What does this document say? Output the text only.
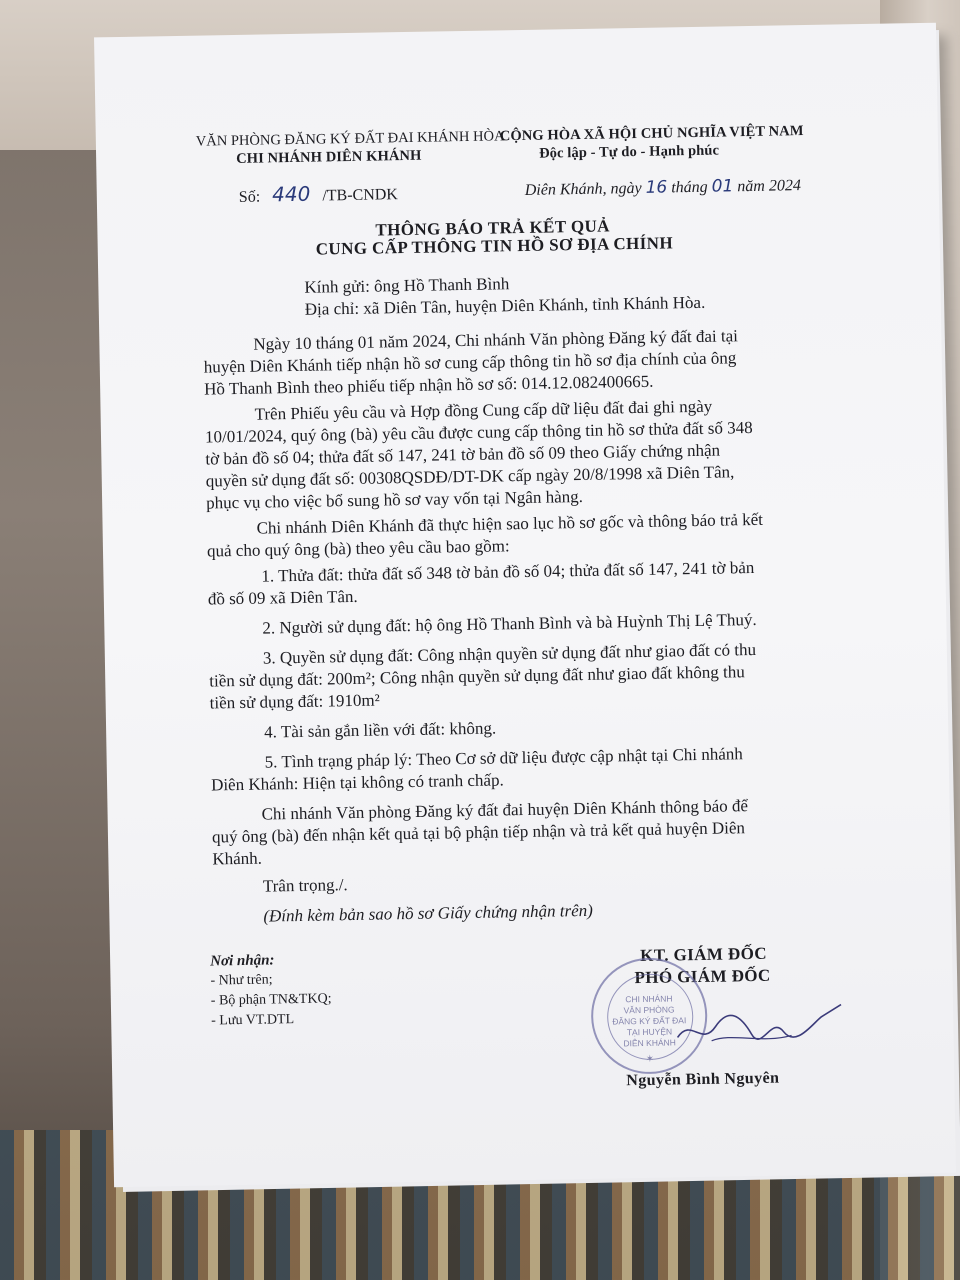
VĂN PHÒNG ĐĂNG KÝ ĐẤT ĐAI KHÁNH HÒA
CHI NHÁNH DIÊN KHÁNH
CỘNG HÒA XÃ HỘI CHỦ NGHĨA VIỆT NAM
Độc lập - Tự do - Hạnh phúc
Số: 440 /TB-CNDK	Diên Khánh, ngày 16 tháng 01 năm 2024
THÔNG BÁO TRẢ KẾT QUẢ
CUNG CẤP THÔNG TIN HỒ SƠ ĐỊA CHÍNH
Kính gửi: ông Hồ Thanh Bình
Địa chỉ: xã Diên Tân, huyện Diên Khánh, tỉnh Khánh Hòa.
Ngày 10 tháng 01 năm 2024, Chi nhánh Văn phòng Đăng ký đất đai tại
huyện Diên Khánh tiếp nhận hồ sơ cung cấp thông tin hồ sơ địa chính của ông
Hồ Thanh Bình theo phiếu tiếp nhận hồ sơ số: 014.12.082400665.
Trên Phiếu yêu cầu và Hợp đồng Cung cấp dữ liệu đất đai ghi ngày
10/01/2024, quý ông (bà) yêu cầu được cung cấp thông tin hồ sơ thửa đất số 348
tờ bản đồ số 04; thửa đất số 147, 241 tờ bản đồ số 09 theo Giấy chứng nhận
quyền sử dụng đất số: 00308QSDĐ/DT-DK cấp ngày 20/8/1998 xã Diên Tân,
phục vụ cho việc bổ sung hồ sơ vay vốn tại Ngân hàng.
Chi nhánh Diên Khánh đã thực hiện sao lục hồ sơ gốc và thông báo trả kết
quả cho quý ông (bà) theo yêu cầu bao gồm:
1. Thửa đất: thửa đất số 348 tờ bản đồ số 04; thửa đất số 147, 241 tờ bản
đồ số 09 xã Diên Tân.
2. Người sử dụng đất: hộ ông Hồ Thanh Bình và bà Huỳnh Thị Lệ Thuý.
3. Quyền sử dụng đất: Công nhận quyền sử dụng đất như giao đất có thu
tiền sử dụng đất: 200m²; Công nhận quyền sử dụng đất như giao đất không thu
tiền sử dụng đất: 1910m²
4. Tài sản gắn liền với đất: không.
5. Tình trạng pháp lý: Theo Cơ sở dữ liệu được cập nhật tại Chi nhánh
Diên Khánh: Hiện tại không có tranh chấp.
Chi nhánh Văn phòng Đăng ký đất đai huyện Diên Khánh thông báo để
quý ông (bà) đến nhận kết quả tại bộ phận tiếp nhận và trả kết quả huyện Diên
Khánh.
Trân trọng./.
(Đính kèm bản sao hồ sơ Giấy chứng nhận trên)
Nơi nhận:
- Như trên;
- Bộ phận TN&TKQ;
- Lưu VT.DTL
KT. GIÁM ĐỐC
PHÓ GIÁM ĐỐC
CHI NHÁNH
VĂN PHÒNG
ĐĂNG KÝ ĐẤT ĐAI
TẠI HUYỆN
DIÊN KHÁNH
✶
Nguyễn Bình Nguyên
